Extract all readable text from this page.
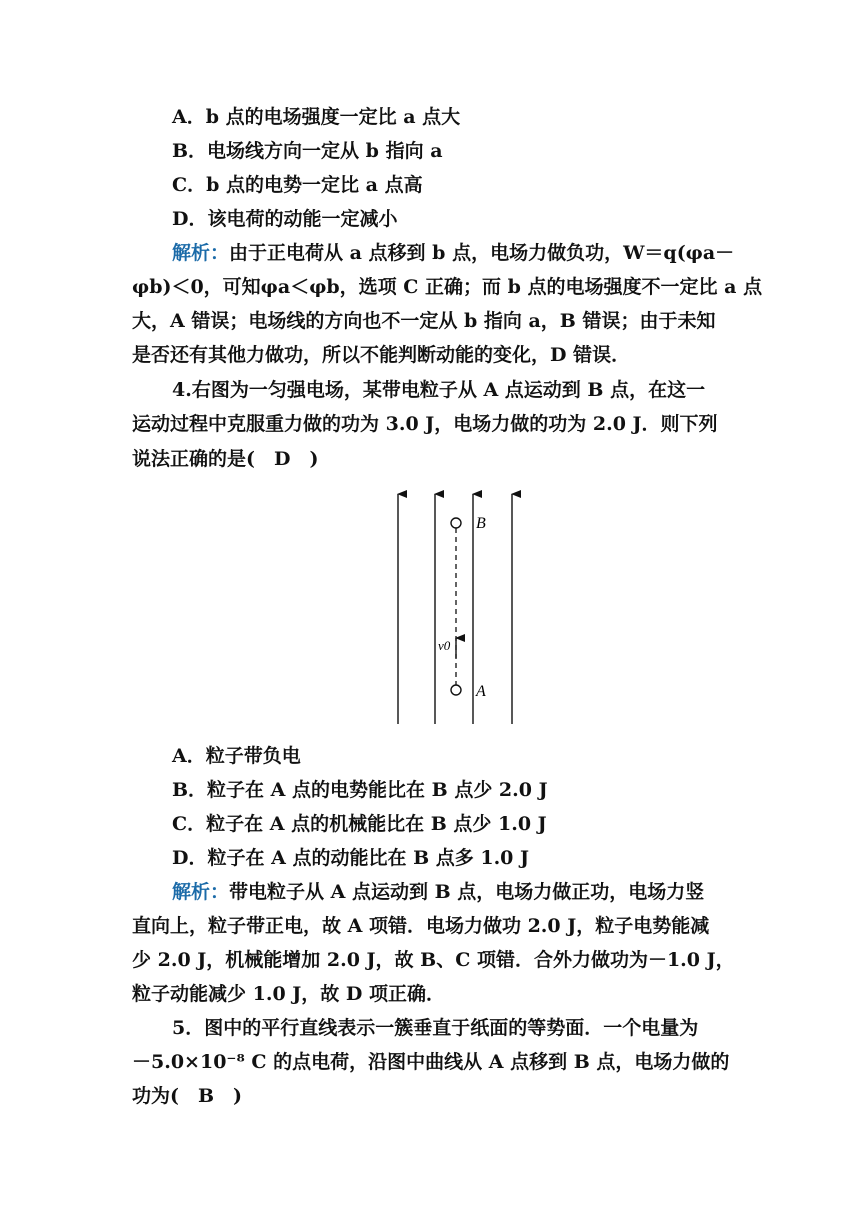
A．b 点的电场强度一定比 a 点大
B．电场线方向一定从 b 指向 a
C．b 点的电势一定比 a 点高
D．该电荷的动能一定减小
解析：由于正电荷从 a 点移到 b 点，电场力做负功，W＝q(φa－
φb)＜0，可知φa＜φb，选项 C 正确；而 b 点的电场强度不一定比 a 点
大，A 错误；电场线的方向也不一定从 b 指向 a，B 错误；由于未知
是否还有其他力做功，所以不能判断动能的变化，D 错误．
4.右图为一匀强电场，某带电粒子从 A 点运动到 B 点，在这一
运动过程中克服重力做的功为 3.0 J，电场力做的功为 2.0 J．则下列
说法正确的是(　D　)
B
A
v0
A．粒子带负电
B．粒子在 A 点的电势能比在 B 点少 2.0 J
C．粒子在 A 点的机械能比在 B 点少 1.0 J
D．粒子在 A 点的动能比在 B 点多 1.0 J
解析：带电粒子从 A 点运动到 B 点，电场力做正功，电场力竖
直向上，粒子带正电，故 A 项错．电场力做功 2.0 J，粒子电势能减
少 2.0 J，机械能增加 2.0 J，故 B、C 项错．合外力做功为－1.0 J，
粒子动能减少 1.0 J，故 D 项正确．
5．图中的平行直线表示一簇垂直于纸面的等势面．一个电量为
－5.0×10⁻⁸ C 的点电荷，沿图中曲线从 A 点移到 B 点，电场力做的
功为(　B　)
